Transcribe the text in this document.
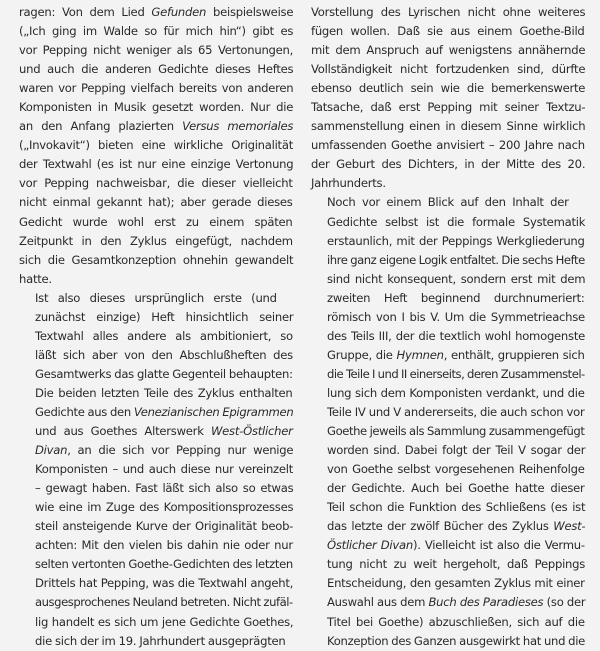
ragen: Von dem Lied Gefunden beispielsweise
(„Ich ging im Walde so für mich hin“) gibt es
vor Pepping nicht weniger als 65 Vertonungen,
und auch die anderen Gedichte dieses Heftes
waren vor Pepping vielfach bereits von anderen
Komponisten in Musik gesetzt worden. Nur die
an den Anfang plazierten Versus memoriales
(„Invokavit“) bieten eine wirkliche Originalität
der Textwahl (es ist nur eine einzige Vertonung
vor Pepping nachweisbar, die dieser vielleicht
nicht einmal gekannt hat); aber gerade dieses
Gedicht wurde wohl erst zu einem späten
Zeitpunkt in den Zyklus eingefügt, nachdem
sich die Gesamtkonzeption ohnehin gewandelt
hatte.

Ist also dieses ursprünglich erste (und
zunächst einzige) Heft hinsichtlich seiner
Textwahl alles andere als ambitioniert, so
läßt sich aber von den Abschlußheften des
Gesamtwerks das glatte Gegenteil behaupten:
Die beiden letzten Teile des Zyklus enthalten
Gedichte aus den Venezianischen Epigrammen
und aus Goethes Alterswerk West-Östlicher
Divan, an die sich vor Pepping nur wenige
Komponisten – und auch diese nur vereinzelt
– gewagt haben. Fast läßt sich also so etwas
wie eine im Zuge des Kompositionsprozesses
steil ansteigende Kurve der Originalität beob-
achten: Mit den vielen bis dahin nie oder nur
selten vertonten Goethe-Gedichten des letzten
Drittels hat Pepping, was die Textwahl angeht,
ausgesprochenes Neuland betreten. Nicht zufäl-
lig handelt es sich um jene Gedichte Goethes,
die sich der im 19. Jahrhundert ausgeprägten

Vorstellung des Lyrischen nicht ohne weiteres
fügen wollen. Daß sie aus einem Goethe-Bild
mit dem Anspruch auf wenigstens annähernde
Vollständigkeit nicht fortzudenken sind, dürfte
ebenso deutlich sein wie die bemerkenswerte
Tatsache, daß erst Pepping mit seiner Textzu-
sammenstellung einen in diesem Sinne wirklich
umfassenden Goethe anvisiert – 200 Jahre nach
der Geburt des Dichters, in der Mitte des 20.
Jahrhunderts.

Noch vor einem Blick auf den Inhalt der
Gedichte selbst ist die formale Systematik
erstaunlich, mit der Peppings Werkgliederung
ihre ganz eigene Logik entfaltet. Die sechs Hefte
sind nicht konsequent, sondern erst mit dem
zweiten Heft beginnend durchnumeriert:
römisch von I bis V. Um die Symmetrieachse
des Teils III, der die textlich wohl homogenste
Gruppe, die Hymnen, enthält, gruppieren sich
die Teile I und II einerseits, deren Zusammenstel-
lung sich dem Komponisten verdankt, und die
Teile IV und V andererseits, die auch schon vor
Goethe jeweils als Sammlung zusammengefügt
worden sind. Dabei folgt der Teil V sogar der
von Goethe selbst vorgesehenen Reihenfolge
der Gedichte. Auch bei Goethe hatte dieser
Teil schon die Funktion des Schließens (es ist
das letzte der zwölf Bücher des Zyklus West-
Östlicher Divan). Vielleicht ist also die Vermu-
tung nicht zu weit hergeholt, daß Peppings
Entscheidung, den gesamten Zyklus mit einer
Auswahl aus dem Buch des Paradieses (so der
Titel bei Goethe) abzuschließen, sich auf die
Konzeption des Ganzen ausgewirkt hat und die
